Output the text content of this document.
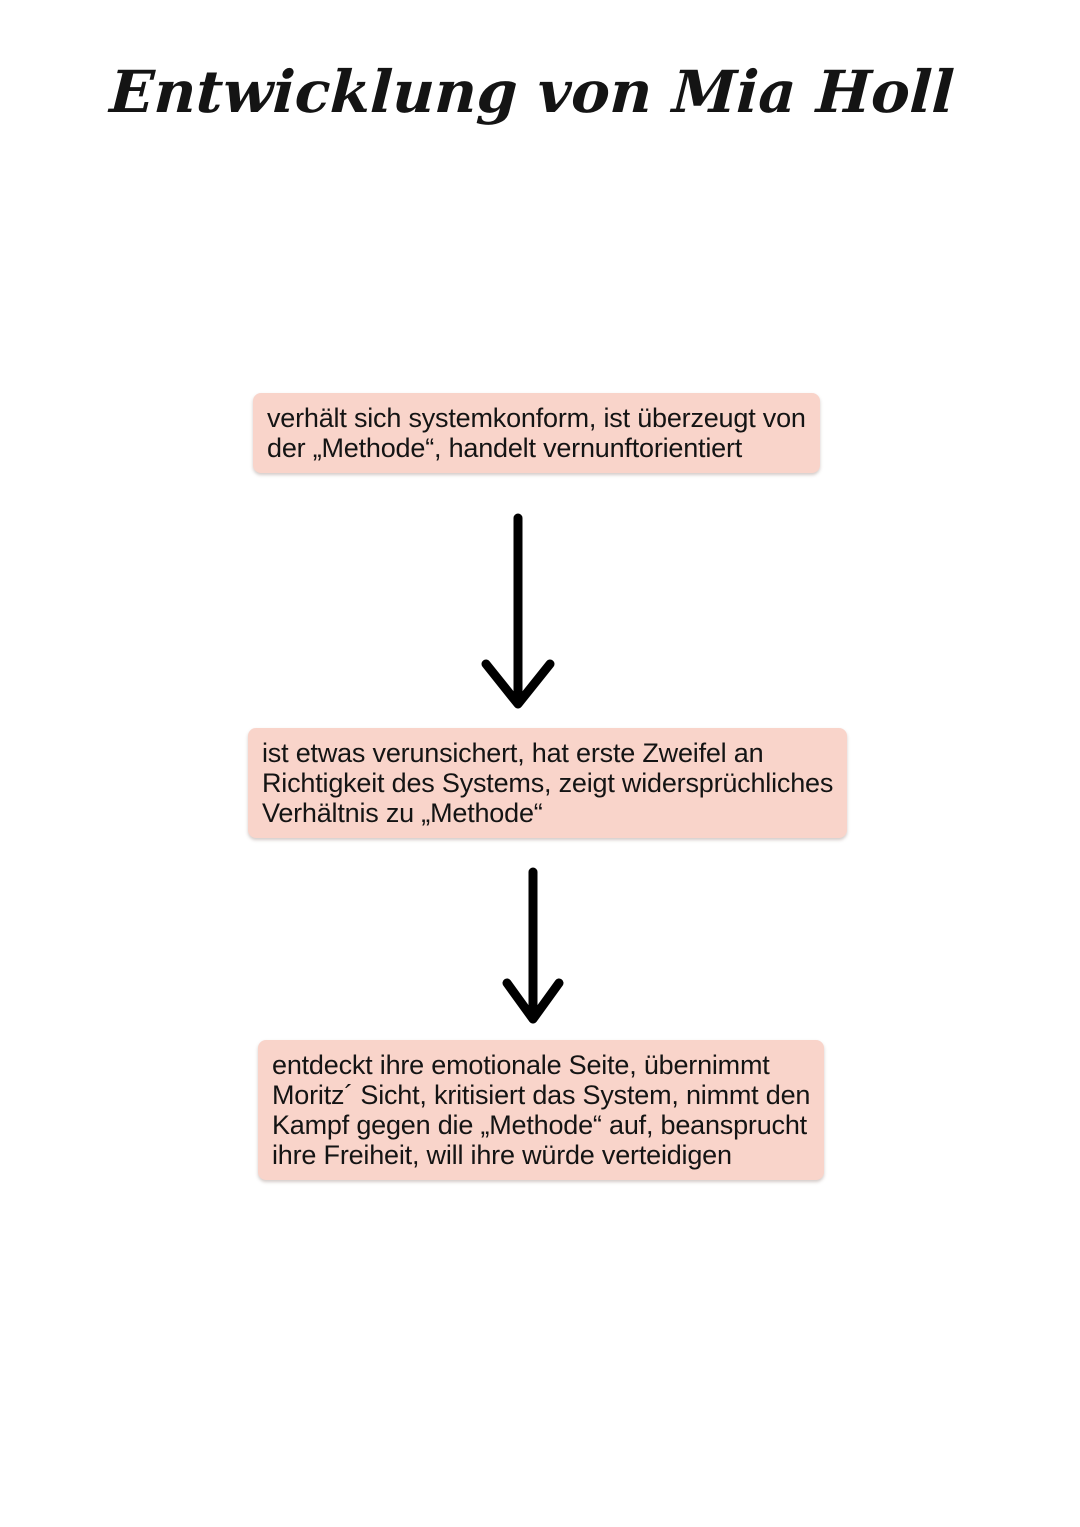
Entwicklung von Mia Holl
verhält sich systemkonform, ist überzeugt von
der „Methode“, handelt vernunftorientiert
ist etwas verunsichert, hat erste Zweifel an
Richtigkeit des Systems, zeigt widersprüchliches
Verhältnis zu „Methode“
entdeckt ihre emotionale Seite, übernimmt
Moritz´ Sicht, kritisiert das System, nimmt den
Kampf gegen die „Methode“ auf, beansprucht
ihre Freiheit, will ihre würde verteidigen
